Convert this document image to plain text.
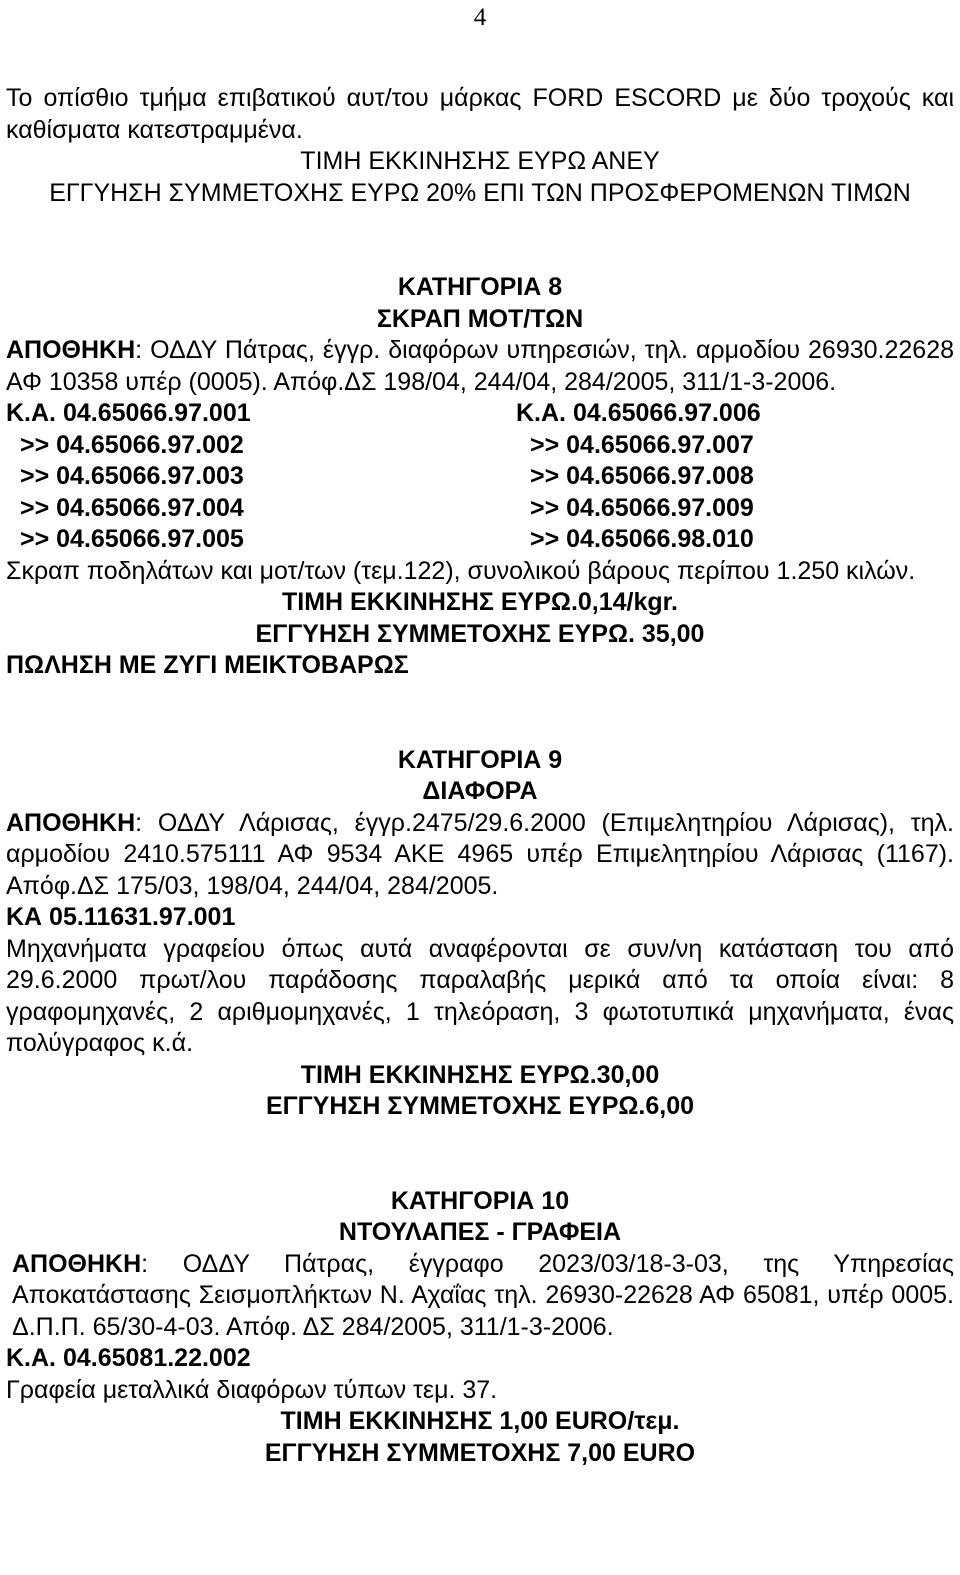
4
Το οπίσθιο τμήμα επιβατικού αυτ/του μάρκας FORD ESCORD με δύο τροχούς και καθίσματα κατεστραμμένα.
ΤΙΜΗ ΕΚΚΙΝΗΣΗΣ ΕΥΡΩ ΑΝΕΥ
ΕΓΓΥΗΣΗ ΣΥΜΜΕΤΟΧΗΣ ΕΥΡΩ 20% ΕΠΙ ΤΩΝ ΠΡΟΣΦΕΡΟΜΕΝΩΝ ΤΙΜΩΝ
ΚΑΤΗΓΟΡΙΑ 8
ΣΚΡΑΠ ΜΟΤ/ΤΩΝ
ΑΠΟΘΗΚΗ: ΟΔΔΥ Πάτρας, έγγρ. διαφόρων υπηρεσιών, τηλ. αρμοδίου 26930.22628 ΑΦ 10358 υπέρ (0005). Απόφ.ΔΣ 198/04, 244/04, 284/2005, 311/1-3-2006.
Κ.Α. 04.65066.97.001	Κ.Α. 04.65066.97.006
>> 04.65066.97.002	>> 04.65066.97.007
>> 04.65066.97.003	>> 04.65066.97.008
>> 04.65066.97.004	>> 04.65066.97.009
>> 04.65066.97.005	>> 04.65066.98.010
Σκραπ ποδηλάτων και μοτ/των (τεμ.122), συνολικού βάρους περίπου 1.250 κιλών.
ΤΙΜΗ ΕΚΚΙΝΗΣΗΣ ΕΥΡΩ.0,14/kgr.
ΕΓΓΥΗΣΗ ΣΥΜΜΕΤΟΧΗΣ ΕΥΡΩ. 35,00
ΠΩΛΗΣΗ ΜΕ ΖΥΓΙ ΜΕΙΚΤΟΒΑΡΩΣ
ΚΑΤΗΓΟΡΙΑ 9
ΔΙΑΦΟΡΑ
ΑΠΟΘΗΚΗ: ΟΔΔΥ Λάρισας, έγγρ.2475/29.6.2000 (Επιμελητηρίου Λάρισας), τηλ. αρμοδίου 2410.575111 ΑΦ 9534 ΑΚΕ 4965 υπέρ Επιμελητηρίου Λάρισας (1167). Απόφ.ΔΣ 175/03, 198/04, 244/04, 284/2005.
ΚΑ 05.11631.97.001
Μηχανήματα γραφείου όπως αυτά αναφέρονται σε συν/νη κατάσταση του από 29.6.2000 πρωτ/λου παράδοσης παραλαβής μερικά από τα οποία είναι: 8 γραφομηχανές, 2 αριθμομηχανές, 1 τηλεόραση, 3 φωτοτυπικά μηχανήματα, ένας πολύγραφος κ.ά.
ΤΙΜΗ ΕΚΚΙΝΗΣΗΣ ΕΥΡΩ.30,00
ΕΓΓΥΗΣΗ ΣΥΜΜΕΤΟΧΗΣ ΕΥΡΩ.6,00
ΚΑΤΗΓΟΡΙΑ 10
ΝΤΟΥΛΑΠΕΣ - ΓΡΑΦΕΙΑ
ΑΠΟΘΗΚΗ: ΟΔΔΥ Πάτρας, έγγραφο 2023/03/18-3-03, της Υπηρεσίας Αποκατάστασης Σεισμοπλήκτων Ν. Αχαΐας τηλ. 26930-22628 ΑΦ 65081, υπέρ 0005. Δ.Π.Π. 65/30-4-03. Απόφ. ΔΣ 284/2005, 311/1-3-2006.
Κ.Α. 04.65081.22.002
Γραφεία μεταλλικά διαφόρων τύπων τεμ. 37.
ΤΙΜΗ ΕΚΚΙΝΗΣΗΣ 1,00 EURO/τεμ.
ΕΓΓΥΗΣΗ ΣΥΜΜΕΤΟΧΗΣ 7,00 EURO
